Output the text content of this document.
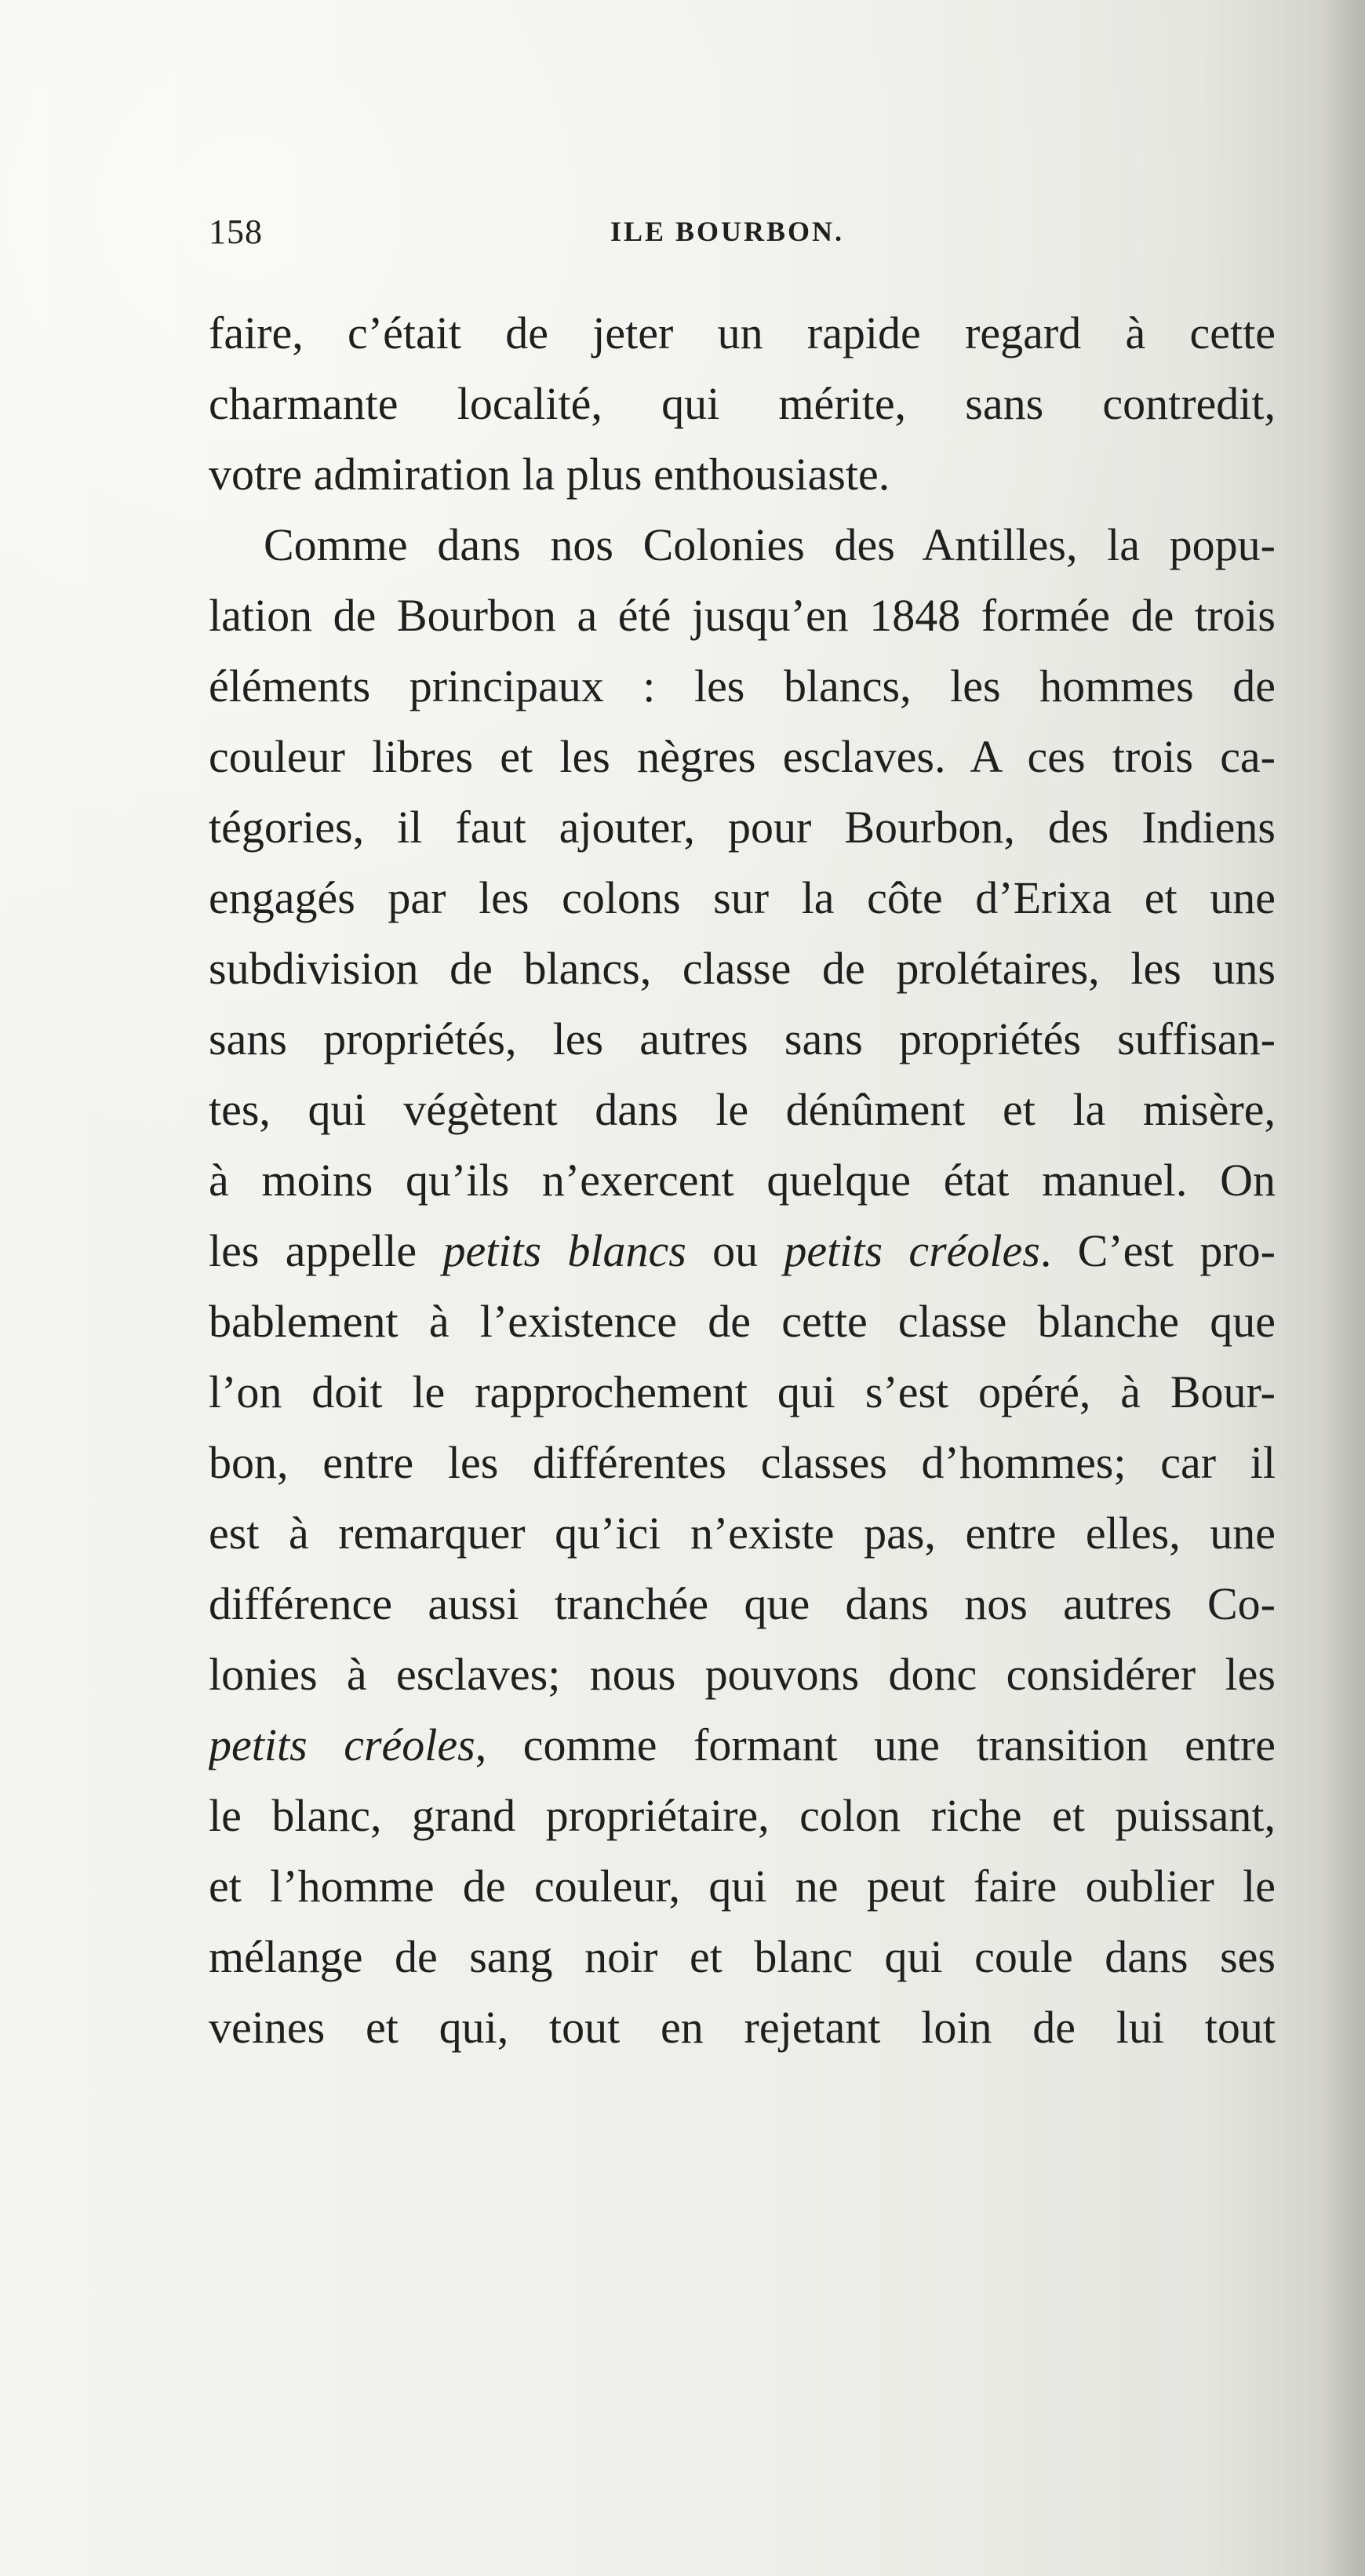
158	ILE BOURBON.
faire, c’était de jeter un rapide regard à cette
charmante localité, qui mérite, sans contredit,
votre admiration la plus enthousiaste.
Comme dans nos Colonies des Antilles, la popu-
lation de Bourbon a été jusqu’en 1848 formée de trois
éléments principaux : les blancs, les hommes de
couleur libres et les nègres esclaves. A ces trois ca-
tégories, il faut ajouter, pour Bourbon, des Indiens
engagés par les colons sur la côte d’Erixa et une
subdivision de blancs, classe de prolétaires, les uns
sans propriétés, les autres sans propriétés suffisan-
tes, qui végètent dans le dénûment et la misère,
à moins qu’ils n’exercent quelque état manuel. On
les appelle petits blancs ou petits créoles. C’est pro-
bablement à l’existence de cette classe blanche que
l’on doit le rapprochement qui s’est opéré, à Bour-
bon, entre les différentes classes d’hommes; car il
est à remarquer qu’ici n’existe pas, entre elles, une
différence aussi tranchée que dans nos autres Co-
lonies à esclaves; nous pouvons donc considérer les
petits créoles, comme formant une transition entre
le blanc, grand propriétaire, colon riche et puissant,
et l’homme de couleur, qui ne peut faire oublier le
mélange de sang noir et blanc qui coule dans ses
veines et qui, tout en rejetant loin de lui tout
